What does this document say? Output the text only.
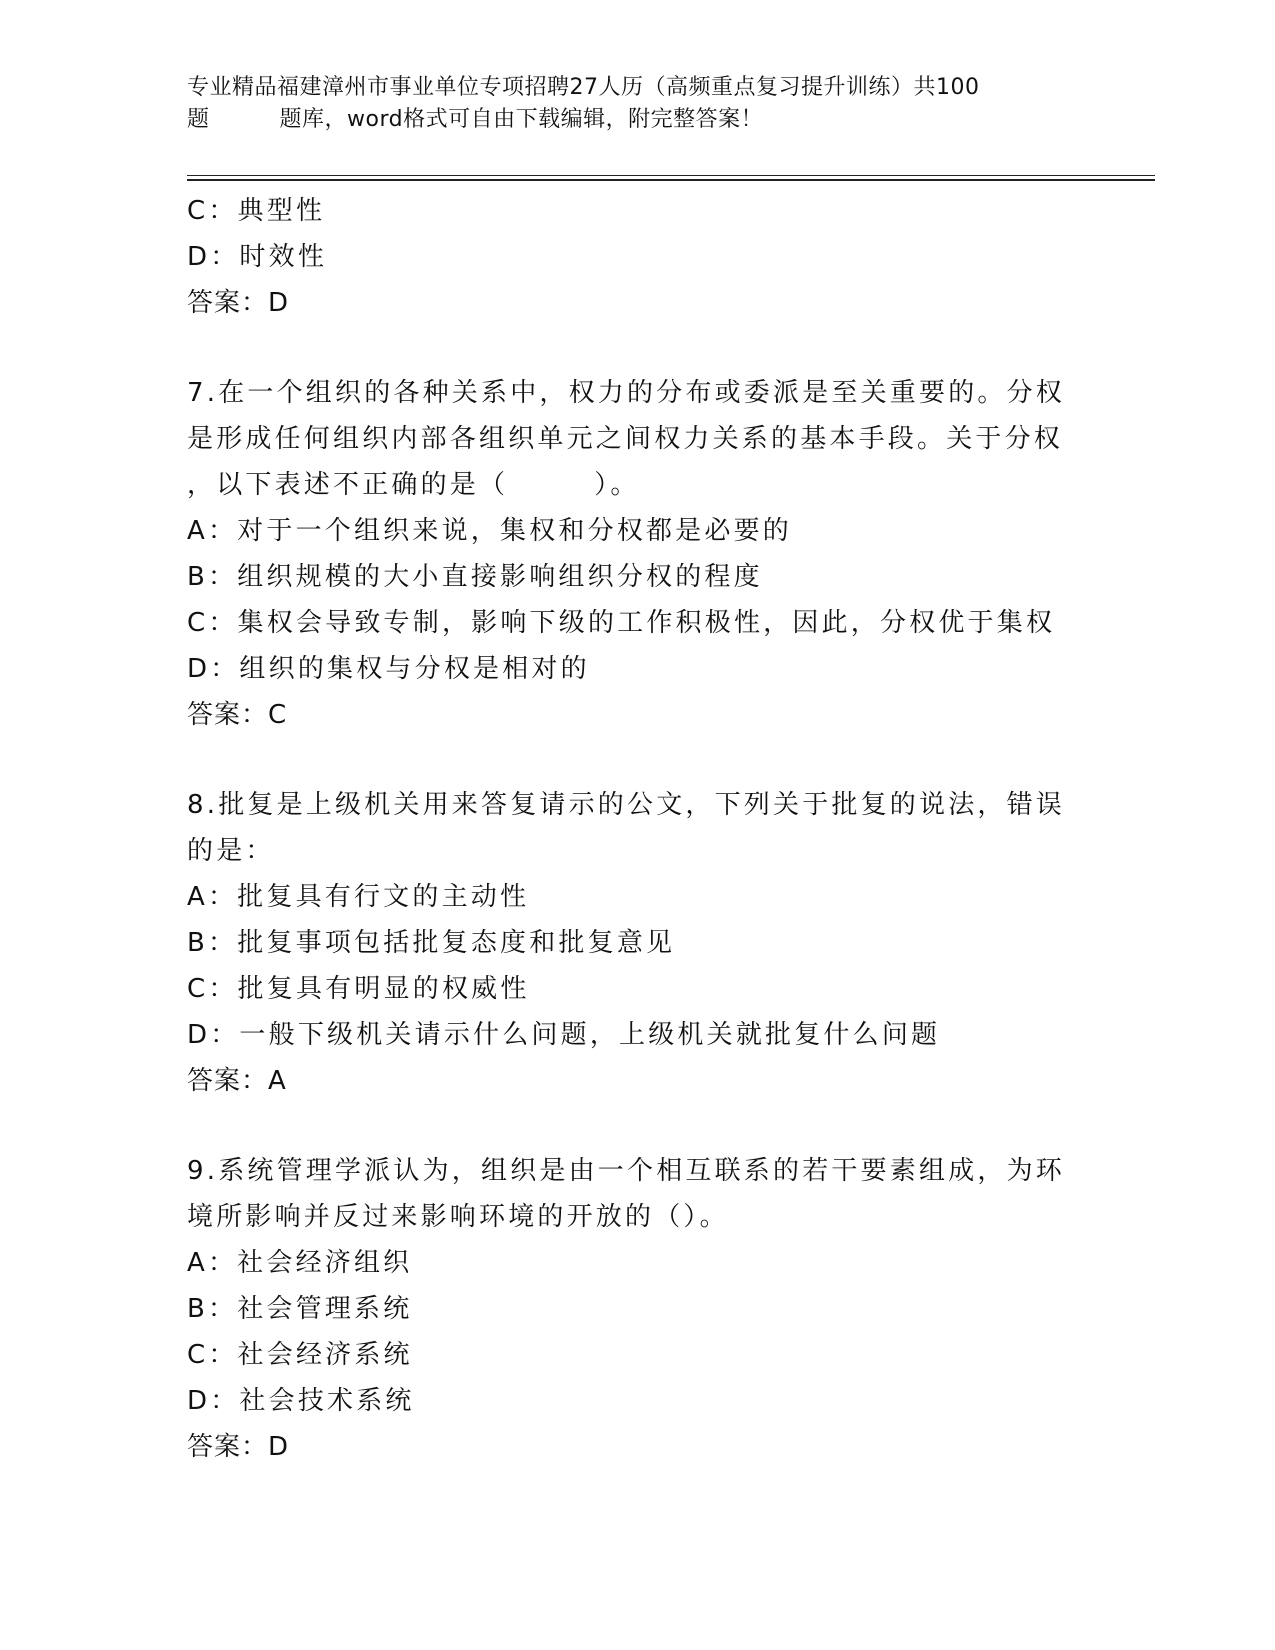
专业精品福建漳州市事业单位专项招聘27人历（高频重点复习提升训练）共100
题	题库，word格式可自由下载编辑，附完整答案！
C：典型性
D：时效性
答案：D
7.在一个组织的各种关系中，权力的分布或委派是至关重要的。分权
是形成任何组织内部各组织单元之间权力关系的基本手段。关于分权
，以下表述不正确的是（	）。
A：对于一个组织来说，集权和分权都是必要的
B：组织规模的大小直接影响组织分权的程度
C：集权会导致专制，影响下级的工作积极性，因此，分权优于集权
D：组织的集权与分权是相对的
答案：C
8.批复是上级机关用来答复请示的公文，下列关于批复的说法，错误
的是：
A：批复具有行文的主动性
B：批复事项包括批复态度和批复意见
C：批复具有明显的权威性
D：一般下级机关请示什么问题，上级机关就批复什么问题
答案：A
9.系统管理学派认为，组织是由一个相互联系的若干要素组成，为环
境所影响并反过来影响环境的开放的（）。
A：社会经济组织
B：社会管理系统
C：社会经济系统
D：社会技术系统
答案：D
